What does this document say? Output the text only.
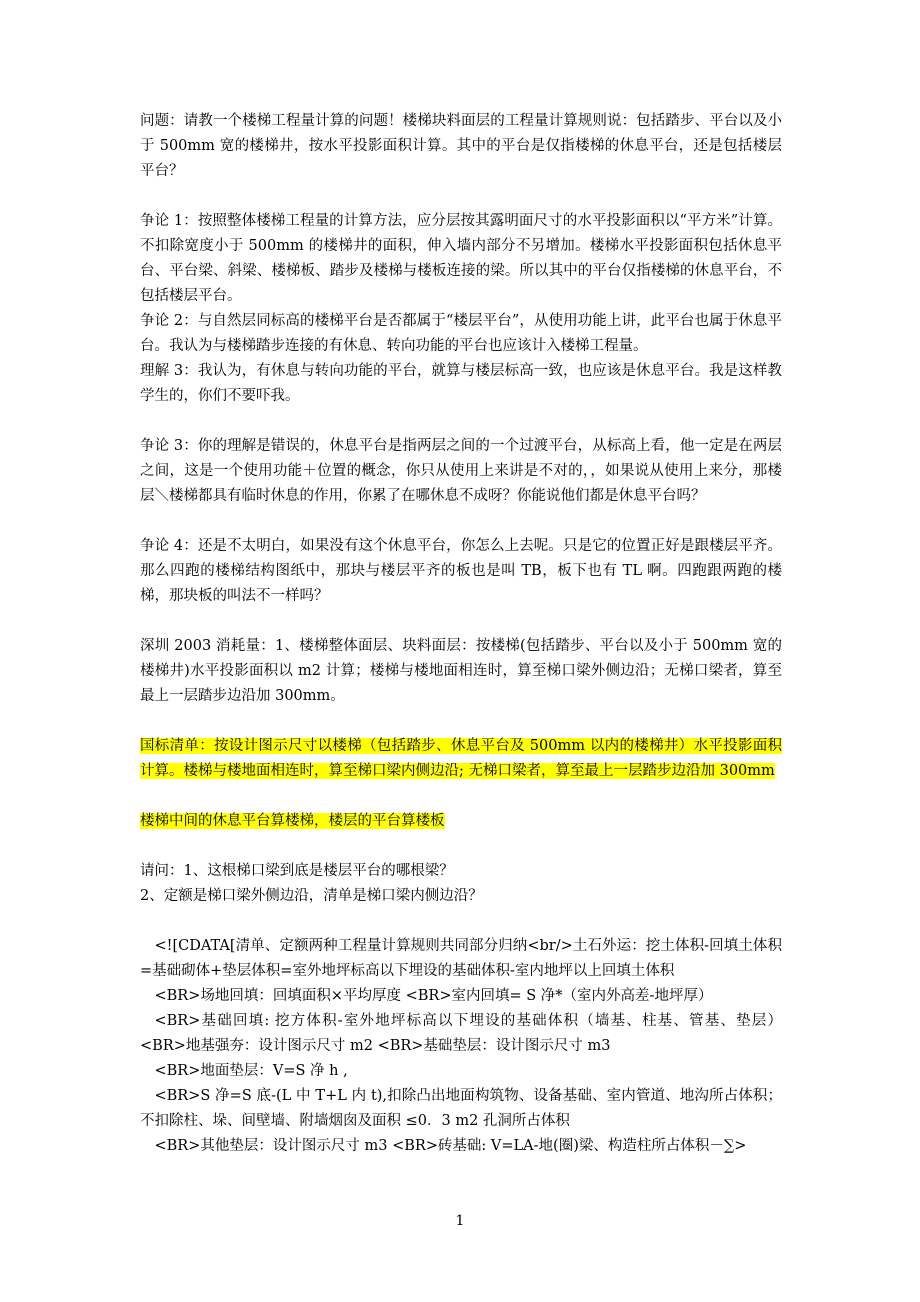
问题：请教一个楼梯工程量计算的问题！楼梯块料面层的工程量计算规则说：包括踏步、平台以及小于 500mm 宽的楼梯井，按水平投影面积计算。其中的平台是仅指楼梯的休息平台，还是包括楼层平台？

争论 1：按照整体楼梯工程量的计算方法，应分层按其露明面尺寸的水平投影面积以“平方米”计算。不扣除宽度小于 500mm 的楼梯井的面积，伸入墙内部分不另增加。楼梯水平投影面积包括休息平台、平台梁、斜梁、楼梯板、踏步及楼梯与楼板连接的梁。所以其中的平台仅指楼梯的休息平台，不包括楼层平台。

争论 2：与自然层同标高的楼梯平台是否都属于“楼层平台”，从使用功能上讲，此平台也属于休息平台。我认为与楼梯踏步连接的有休息、转向功能的平台也应该计入楼梯工程量。

理解 3：我认为，有休息与转向功能的平台，就算与楼层标高一致，也应该是休息平台。我是这样教学生的，你们不要吓我。

争论 3：你的理解是错误的，休息平台是指两层之间的一个过渡平台，从标高上看，他一定是在两层之间，这是一个使用功能＋位置的概念，你只从使用上来讲是不对的，，如果说从使用上来分，那楼层＼楼梯都具有临时休息的作用，你累了在哪休息不成呀？你能说他们都是休息平台吗？

争论 4：还是不太明白，如果没有这个休息平台，你怎么上去呢。只是它的位置正好是跟楼层平齐。那么四跑的楼梯结构图纸中，那块与楼层平齐的板也是叫 TB，板下也有 TL 啊。四跑跟两跑的楼梯，那块板的叫法不一样吗？

深圳 2003 消耗量：1、楼梯整体面层、块料面层：按楼梯(包括踏步、平台以及小于 500mm 宽的楼梯井)水平投影面积以 m2 计算；楼梯与楼地面相连时，算至梯口梁外侧边沿；无梯口梁者，算至最上一层踏步边沿加 300mm。

国标清单：按设计图示尺寸以楼梯（包括踏步、休息平台及 500mm 以内的楼梯井）水平投影面积计算。楼梯与楼地面相连时，算至梯口梁内侧边沿; 无梯口梁者，算至最上一层踏步边沿加 300mm

楼梯中间的休息平台算楼梯，楼层的平台算楼板

请问：1、这根梯口梁到底是楼层平台的哪根梁？

2、定额是梯口梁外侧边沿，清单是梯口梁内侧边沿？

<![CDATA[清单、定额两种工程量计算规则共同部分归纳<br/>土石外运：挖土体积-回填土体积=基础砌体+垫层体积=室外地坪标高以下埋设的基础体积-室内地坪以上回填土体积

<BR>场地回填：回填面积×平均厚度 <BR>室内回填= S 净*（室内外高差-地坪厚）

<BR>基础回填: 挖方体积-室外地坪标高以下埋设的基础体积（墙基、柱基、管基、垫层）<BR>地基强夯：设计图示尺寸 m2 <BR>基础垫层：设计图示尺寸 m3

<BR>地面垫层：V=S 净 h ,

<BR>S 净=S 底-(L 中 T+L 内 t),扣除凸出地面构筑物、设备基础、室内管道、地沟所占体积；不扣除柱、垛、间壁墙、附墙烟囱及面积 ≤0．3 m2 孔洞所占体积

<BR>其他垫层：设计图示尺寸 m3 <BR>砖基础: V=LA-地(圈)梁、构造柱所占体积－∑>

1
